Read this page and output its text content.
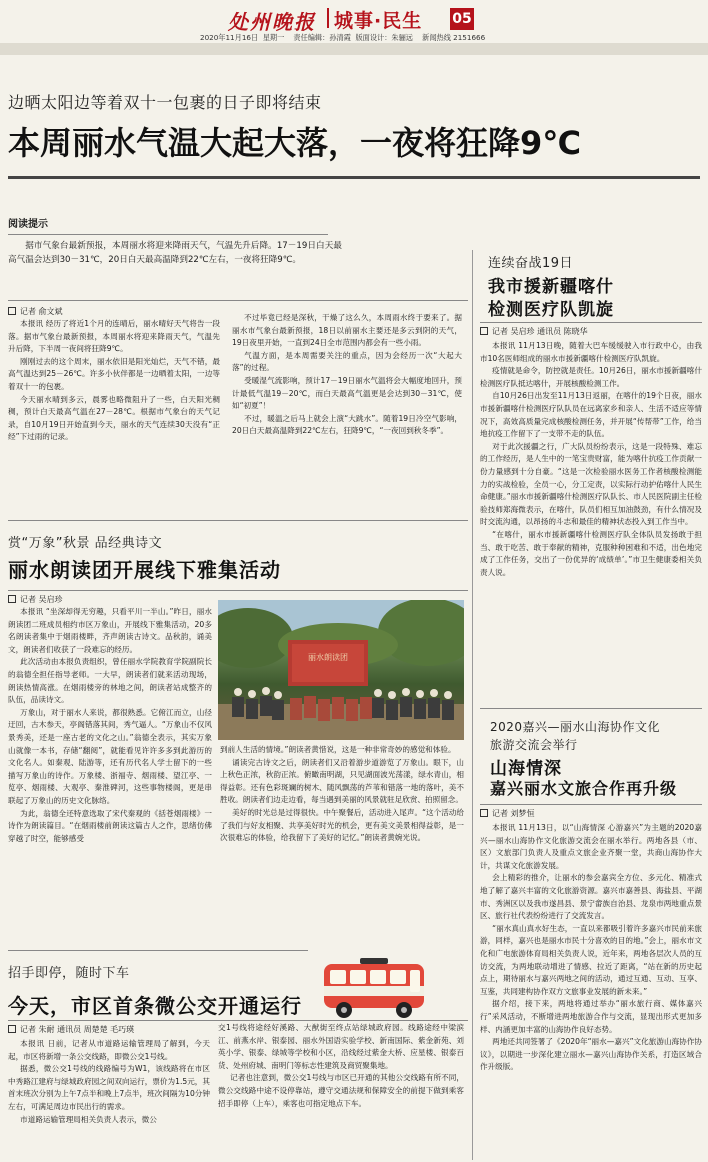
处州晚报 城事·民生 05
2020年11月16日  星期一    责任编辑：孙清霞  版面设计：朱骊远    新闻热线 2151666
边晒太阳边等着双十一包裹的日子即将结束
本周丽水气温大起大落，一夜将狂降9℃
阅读提示
据市气象台最新预报，本周丽水将迎来降雨天气，气温先升后降。17－19日白天最高气温会达到30－31℃，20日白天最高温降到22℃左右，一夜将狂降9℃。
记者 俞文斌

本报讯 经历了将近1个月的连晴后，丽水晴好天气将告一段落。据市气象台最新预报，本周丽水将迎来降雨天气，气温先升后降，下半周一夜间将狂降9℃。

刚刚过去的这个周末，丽水依旧是阳光灿烂，天气不错，最高气温达到25－26℃。许多小伙伴都是一边晒着太阳，一边等着双十一的包裹。

今天丽水晴到多云，晨雾也略微阻升了一些，白天阳光稠稠，预计白天最高气温在27－28℃。根据市气象台的天气记录，自10月19日开始直到今天，丽水的天气连续30天没有“正经”下过雨的记录。

不过毕竟已经是深秋，干燥了这么久，本周雨水终于要来了。据丽水市气象台最新预报，18日以前丽水主要还是多云到阴的天气，19日夜里开始，一直到24日全市范围内都会有一些小雨。

气温方面，是本周需要关注的重点，因为会经历一次“大起大落”的过程。

受暖湿气流影响，预计17－19日丽水气温将会大幅度地回升，预计最低气温19－20℃，而白天最高气温更是会达到30－31℃，使如“初夏”！

不过，暖温之后马上就会上演“大跳水”。随着19日冷空气影响，20日白天最高温降到22℃左右，狂降9℃，“一夜回到秋冬季”。

赏“万象”秋景 品经典诗文
丽水朗读团开展线下雅集活动
记者 吴启珍

本报讯 “坐深却得无穷趣，只看平川一半山。”昨日，丽水朗读团二班成员相约市区万象山，开展线下雅集活动，20多名朗读者集中于烟雨楼畔，齐声朗读古诗文。品秋韵，诵美文，朗读者们收获了一段难忘的经历。

此次活动由本报负责组织，曾任丽水学院教育学院副院长的翁德全担任指导老师。一大早，朗读者们就来活动现场，朗读热情高涨。在烟雨楼旁的林地之间，朗读者站成整齐的队伍，品读诗文。

万象山，对于丽水人来说，都很熟悉。它俯江而立，山径迂回，古木参天，亭阁错落其间，秀气逼人。“万象山不仅风景秀美，还是一座古老的文化之山。”翁德全表示，其实万象山就像一本书，存储“翻阅”，就能看见许许多多到此游历的文化名人。如秦观、陆游等，还有历代名人学士留下的一些描写万象山的诗作。万象楼、浙福寺、烟雨楼、望江亭、一览亭、烟雨楼、大观亭、秦淮碑河，这些事物楼阁，更是串联起了万象山的历史文化脉络。

为此，翁德全还特意选取了宋代秦观的《括苍烟雨楼》一诗作为朗读篇目。“在烟雨楼前朗读这篇古人之作，思绪仿佛穿越了时空，能够感受

丽水朗读团

到前人生活的情境。”朗读者黄惜说，这是一种非常奇妙的感觉和体验。

诵读完古诗文之后，朗读者们又沿着游步道游览了万象山。眼下，山上秋色正浓，秋韵正浓。俯瞰南明湖，只见湖面波光荡漾，绿水青山，相得益彰。还有色彩斑斓的树木、随风飘荡的芦苇和错落一地的落叶，美不胜收。朗读者们边走边看，每当遇到美丽的风景就驻足欣赏、拍照留念。

美好的时光总是过得很快。中午聚餐后，活动进入尾声。“这个活动给了我们与好友相聚、共享美好时光的机会，更有美文美景相得益彰，是一次很难忘的体验，给我留下了美好的记忆。”朗读者黄婉光说。

招手即停，随时下车
今天，市区首条微公交开通运行
记者 朱耐 通讯员 周楚楚 毛巧瑛

本报讯 日前，记者从市道路运输管理局了解到，今天起，市区将新增一条公交线路，即微公交1号线。

据悉，微公交1号线的线路编号为W1，该线路将在市区中秀路江建府与绿城政府园之间双向运行，票价为1.5元，其首末班次分别为上午7点半和晚上7点半，班次间隔为10分钟左右，可满足周边市民出行的需求。

市道路运输管理局相关负责人表示，微公

交1号线将途经好溪路、大猷街至终点站绿城政府园。线路途经中梁滨江、前燕水岸、银泰园、丽水外国语实验学校、新南国际、紫金新苑、刘英小学、银泰、绿城等学校和小区，沿线经过紫金大桥、应星楼、银泰百货、处州府城、南明门等标志性建筑及商贸聚集地。

记者也注意到，微公交1号线与市区已开通的其他公交线路有所不同，微公交线路中途不设停靠站，遵守交通法规和保障安全的前提下做到乘客招手即停（上车），乘客也可指定地点下车。

连续奋战19日
我市援新疆喀什
检测医疗队凯旋
记者 吴启珍 通讯员 陈晓华

本报讯 11月13日晚，随着大巴车缓缓驶入市行政中心，由我市10名医师组成的丽水市援新疆喀什检测医疗队凯旋。

疫情就是命令，防控就是责任。10月26日，丽水市援新疆喀什检测医疗队抵达喀什，开展核酸检测工作。

自10月26日出发至11月13日返丽，在喀什的19个日夜，丽水市援新疆喀什检测医疗队队员在远离家乡和亲人、生活不适应等情况下，高效高质量完成核酸检测任务，并开展“传帮带”工作，给当地抗疫工作留下了一支带不走的队伍。

对于此次援疆之行，广大队员纷纷表示，这是一段特殊、难忘的工作经历，是人生中的一笔宝贵财富，能为喀什抗疫工作贡献一份力量感到十分自豪。“这是一次检验丽水医务工作者核酸检测能力的实战检验，全员一心，分工定责，以实际行动护佑喀什人民生命健康。”丽水市援新疆喀什检测医疗队队长、市人民医院副主任检验技师郑海微表示，在喀什，队员们相互加油鼓劲，有什么情况及时交流沟通，以昂扬的斗志和最佳的精神状态投入到工作当中。

“在喀什，丽水市援新疆喀什检测医疗队全体队员发扬敢于担当、敢于吃苦、敢于奉献的精神，克服种种困难和不适，出色地完成了工作任务，交出了一份优异的‘成绩单’。”市卫生健康委相关负责人说。

2020嘉兴—丽水山海协作文化
旅游交流会举行
山海情深
嘉兴丽水文旅合作再升级
记者 刘梦恒

本报讯 11月13日，以“山海情深 心游嘉兴”为主题的2020嘉兴—丽水山海协作文化旅游交流会在丽水举行。两地各县（市、区）文旅部门负责人及重点文旅企业齐聚一堂，共商山海协作大计，共谋文化旅游发展。

会上精彩的推介，让丽水的参会嘉宾全方位、多元化、精准式地了解了嘉兴丰富的文化旅游资源。嘉兴市嘉善县、海盐县、平湖市、秀洲区以及我市遂昌县、景宁畲族自治县、龙泉市两地重点景区、旅行社代表纷纷进行了交流发言。

“丽水真山真水好生态，一直以来都吸引着许多嘉兴市民前来旅游，同样，嘉兴也是丽水市民十分喜欢的目的地。”会上，丽水市文化和广电旅游体育局相关负责人说，近年来，两地各层次人员的互访交流，为两地联动增进了情感、拉近了距离，“站在新的历史起点上，期待丽水与嘉兴两地之间的活动，通过互通、互动、互享、互鉴，共同建构协作双方文旅事业发展的新未来。”

据介绍，接下来，两地将通过举办“丽水旅行商、媒体嘉兴行”采风活动，不断增进两地旅游合作与交流，显现出形式更加多样、内涵更加丰富的山海协作良好态势。

两地还共同签署了《2020年“丽水—嘉兴”文化旅游山海协作协议》，以期进一步深化建立丽水—嘉兴山海协作关系，打造区域合作升级版。
